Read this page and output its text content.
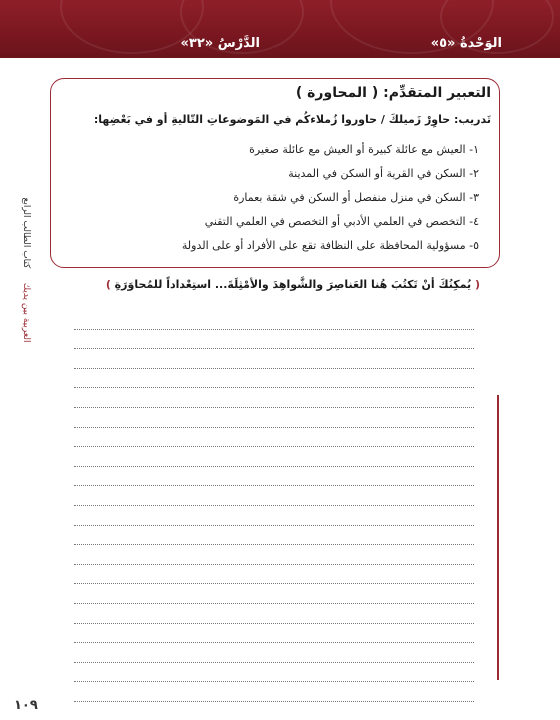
الوَحْدةُ «٥»
الدَّرْسُ «٣٢»
التعبير المتقدِّم: ( المحاورة )
تَدريب: حاوِرْ زَميلكَ / حاوروا زُملاءكُم في المَوضوعاتِ التّاليةِ أو في بَعْضِها:
١- العيش مع عائلة كبيرة أو العيش مع عائلة صغيرة
٢- السكن في القرية أو السكن في المدينة
٣- السكن في منزل منفصل أو السكن في شقة بعمارة
٤- التخصص في العلمي الأدبي أو التخصص في العلمي التقني
٥- مسؤولية المحافظة على النظافة تقع على الأفراد أو على الدولة
( يُمكِنُكَ أنْ تَكتُبَ هُنا العَناصِرَ والشَّواهِدَ والأمْثِلَةَ... استِعْداداً للمُحاوَرَةِ )
العربية بين يديك     كتاب الطالب الرابع
١٠٩
